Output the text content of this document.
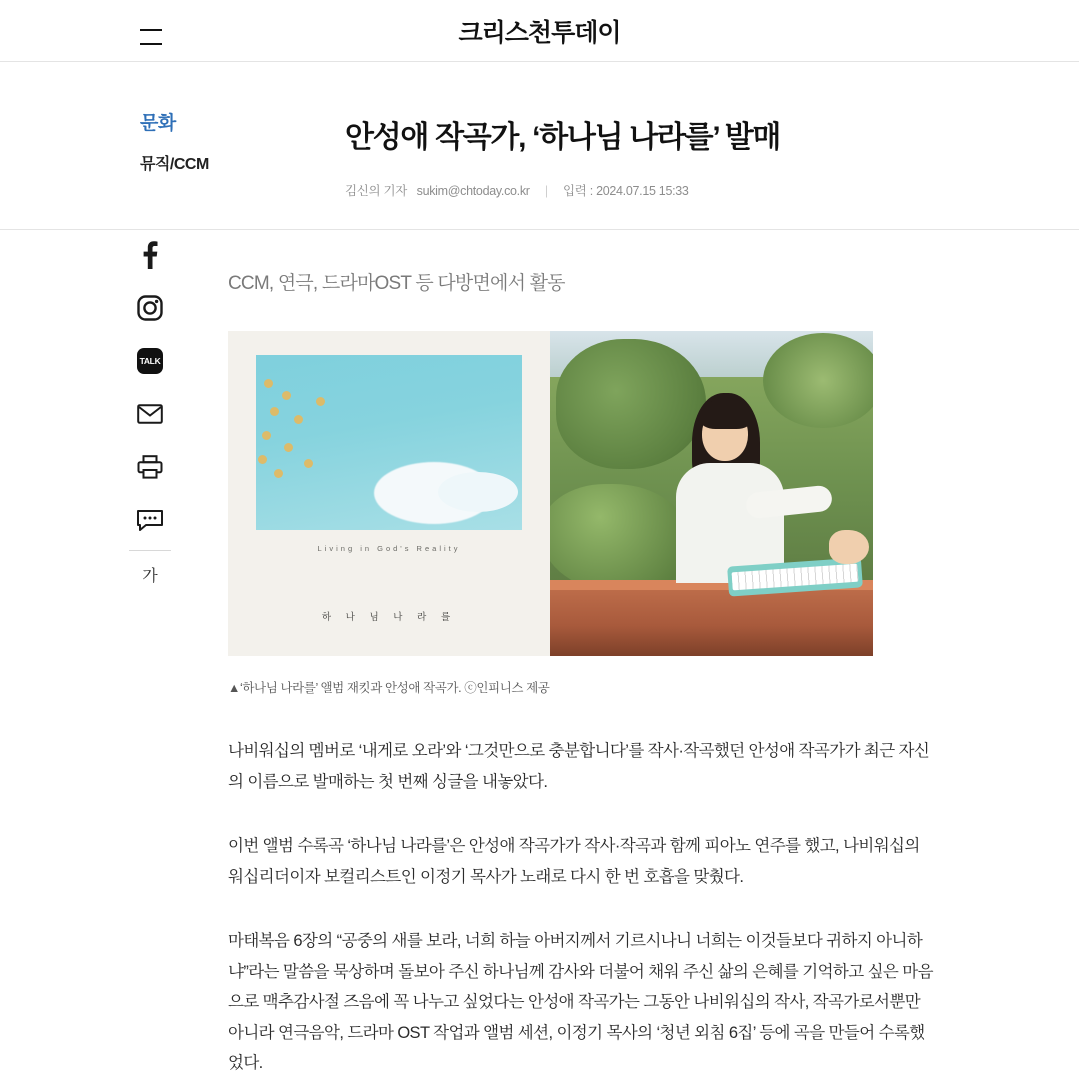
크리스천투데이
문화
뮤직/CCM
안성애 작곡가, ‘하나님 나라를’ 발매
김신의 기자 sukim@chtoday.co.kr | 입력 : 2024.07.15 15:33
TALK
가
CCM, 연극, 드라마OST 등 다방면에서 활동
Living in God's Reality
하 나 님 나 라 를
▲‘하나님 나라를’ 앨범 재킷과 안성애 작곡가. ⓒ인피니스 제공

나비워십의 멤버로 ‘내게로 오라’와 ‘그것만으로 충분합니다’를 작사·작곡했던 안성애 작곡가가 최근 자신의 이름으로 발매하는 첫 번째 싱글을 내놓았다.

이번 앨범 수록곡 ‘하나님 나라를’은 안성애 작곡가가 작사·작곡과 함께 피아노 연주를 했고, 나비워십의 워십리더이자 보컬리스트인 이정기 목사가 노래로 다시 한 번 호흡을 맞췄다.

마태복음 6장의 “공중의 새를 보라, 너희 하늘 아버지께서 기르시나니 너희는 이것들보다 귀하지 아니하냐”라는 말씀을 묵상하며 돌보아 주신 하나님께 감사와 더불어 채워 주신 삶의 은혜를 기억하고 싶은 마음으로 맥추감사절 즈음에 꼭 나누고 싶었다는 안성애 작곡가는 그동안 나비워십의 작사, 작곡가로서뿐만 아니라 연극음악, 드라마 OST 작업과 앨범 세션, 이정기 목사의 ‘청년 외침 6집’ 등에 곡을 만들어 수록했었다.
